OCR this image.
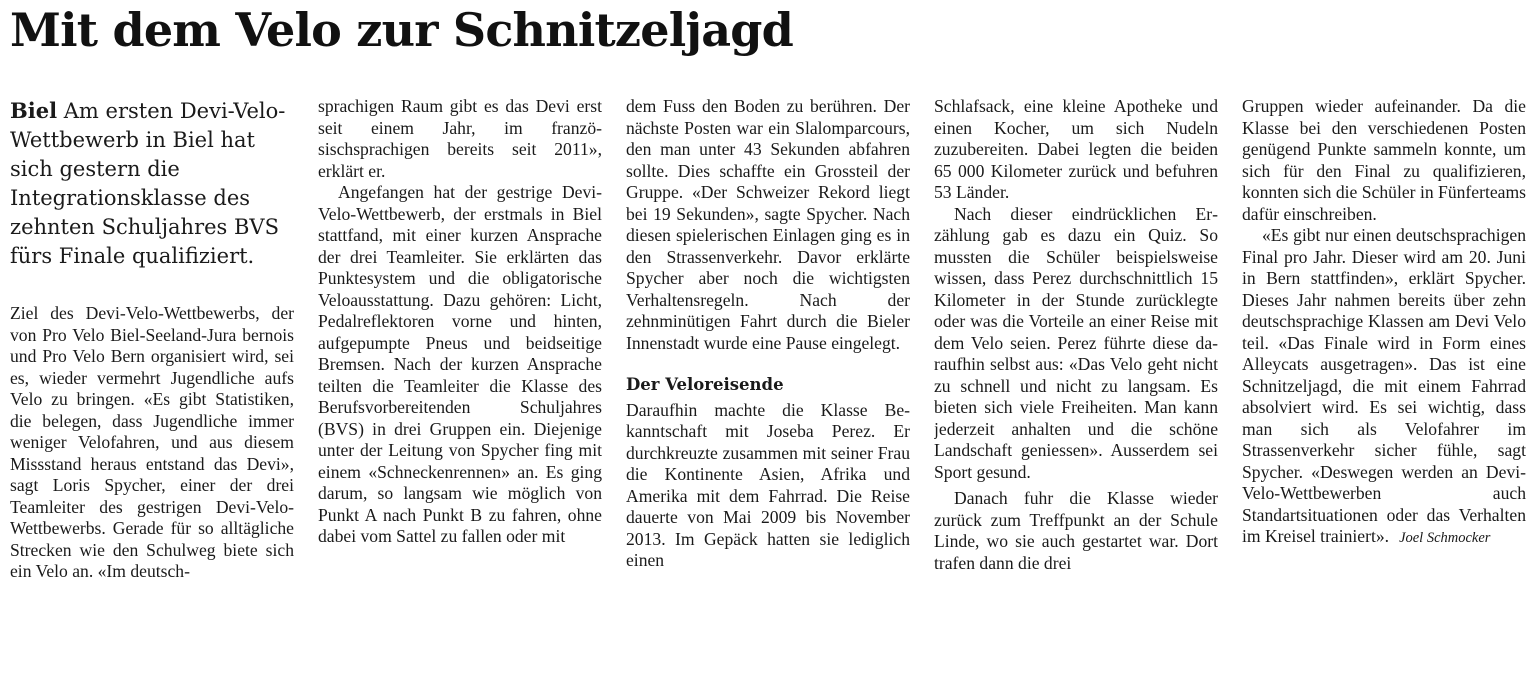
Mit dem Velo zur Schnitzeljagd

Biel Am ersten Devi-Velo-Wettbewerb in Biel hat sich gestern die Integrationsklasse des zehnten Schuljahres BVS fürs Finale qualifiziert.

Ziel des Devi-Velo-Wettbewerbs, der von Pro Velo Biel-Seeland-Jura bernois und Pro Velo Bern organisiert wird, sei es, wieder vermehrt Jugendliche aufs Velo zu bringen. «Es gibt Statistiken, die belegen, dass Jugendliche immer weniger Velofahren, und aus diesem Missstand heraus entstand das Devi», sagt Loris Spycher, einer der drei Teamleiter des gestrigen Devi-Velo-Wettbewerbs. Gerade für so alltägliche Strecken wie den Schulweg biete sich ein Velo an. «Im deutsch-

sprachigen Raum gibt es das Devi erst seit einem Jahr, im französischsprachigen bereits seit 2011», erklärt er.

Angefangen hat der gestrige Devi-Velo-Wettbewerb, der erstmals in Biel stattfand, mit einer kurzen Ansprache der drei Teamleiter. Sie erklärten das Punktesystem und die obligatorische Veloausstattung. Dazu gehören: Licht, Pedalreflektoren vorne und hinten, aufgepumpte Pneus und beidseitige Bremsen. Nach der kurzen Ansprache teilten die Teamleiter die Klasse des Berufsvorbereitenden Schuljahres (BVS) in drei Gruppen ein. Diejenige unter der Leitung von Spycher fing mit einem «Schneckenrennen» an. Es ging darum, so langsam wie möglich von Punkt A nach Punkt B zu fahren, ohne dabei vom Sattel zu fallen oder mit

dem Fuss den Boden zu berühren. Der nächste Posten war ein Slalomparcours, den man unter 43 Sekunden abfahren sollte. Dies schaffte ein Grossteil der Gruppe. «Der Schweizer Rekord liegt bei 19 Sekunden», sagte Spycher. Nach diesen spielerischen Einlagen ging es in den Strassenverkehr. Davor erklärte Spycher aber noch die wichtigsten Verhaltensregeln. Nach der zehnminütigen Fahrt durch die Bieler Innenstadt wurde eine Pause eingelegt.

Der Veloreisende

Daraufhin machte die Klasse Bekanntschaft mit Joseba Perez. Er durchkreuzte zusammen mit seiner Frau die Kontinente Asien, Afrika und Amerika mit dem Fahrrad. Die Reise dauerte von Mai 2009 bis November 2013. Im Gepäck hatten sie lediglich einen

Schlafsack, eine kleine Apotheke und einen Kocher, um sich Nudeln zuzubereiten. Dabei legten die beiden 65 000 Kilometer zurück und befuhren 53 Länder.

Nach dieser eindrücklichen Erzählung gab es dazu ein Quiz. So mussten die Schüler beispielsweise wissen, dass Perez durchschnittlich 15 Kilometer in der Stunde zurücklegte oder was die Vorteile an einer Reise mit dem Velo seien. Perez führte diese daraufhin selbst aus: «Das Velo geht nicht zu schnell und nicht zu langsam. Es bieten sich viele Freiheiten. Man kann jederzeit anhalten und die schöne Landschaft geniessen». Ausserdem sei Sport gesund.

Danach fuhr die Klasse wieder zurück zum Treffpunkt an der Schule Linde, wo sie auch gestartet war. Dort trafen dann die drei

Gruppen wieder aufeinander. Da die Klasse bei den verschiedenen Posten genügend Punkte sammeln konnte, um sich für den Final zu qualifizieren, konnten sich die Schüler in Fünferteams dafür einschreiben.

«Es gibt nur einen deutschsprachigen Final pro Jahr. Dieser wird am 20. Juni in Bern stattfinden», erklärt Spycher. Dieses Jahr nahmen bereits über zehn deutschsprachige Klassen am Devi Velo teil. «Das Finale wird in Form eines Alleycats ausgetragen». Das ist eine Schnitzeljagd, die mit einem Fahrrad absolviert wird. Es sei wichtig, dass man sich als Velofahrer im Strassenverkehr sicher fühle, sagt Spycher. «Deswegen werden an Devi-Velo-Wettbewerben auch Standartsituationen oder das Verhalten im Kreisel trainiert». Joel Schmocker
